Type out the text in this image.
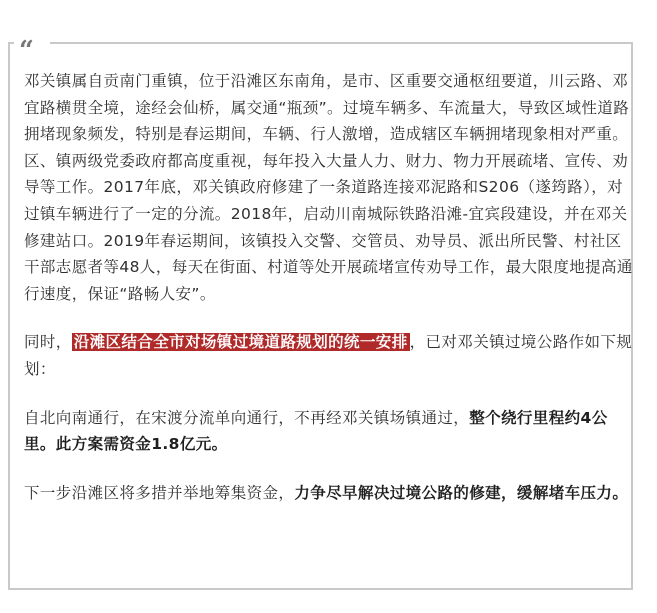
“

邓关镇属自贡南门重镇，位于沿滩区东南角，是市、区重要交通枢纽要道，川云路、邓宜路横贯全境，途经会仙桥，属交通“瓶颈”。过境车辆多、车流量大，导致区域性道路拥堵现象频发，特别是春运期间，车辆、行人激增，造成辖区车辆拥堵现象相对严重。区、镇两级党委政府都高度重视，每年投入大量人力、财力、物力开展疏堵、宣传、劝导等工作。2017年底，邓关镇政府修建了一条道路连接邓泥路和S206（遂筠路），对过镇车辆进行了一定的分流。2018年，启动川南城际铁路沿滩-宜宾段建设，并在邓关修建站口。2019年春运期间，该镇投入交警、交管员、劝导员、派出所民警、村社区干部志愿者等48人，每天在街面、村道等处开展疏堵宣传劝导工作，最大限度地提高通行速度，保证“路畅人安”。

同时， 沿滩区结合全市对场镇过境道路规划的统一安排 ，已对邓关镇过境公路作如下规划：

自北向南通行，在宋渡分流单向通行，不再经邓关镇场镇通过，整个绕行里程约4公里。此方案需资金1.8亿元。

下一步沿滩区将多措并举地筹集资金，力争尽早解决过境公路的修建，缓解堵车压力。
